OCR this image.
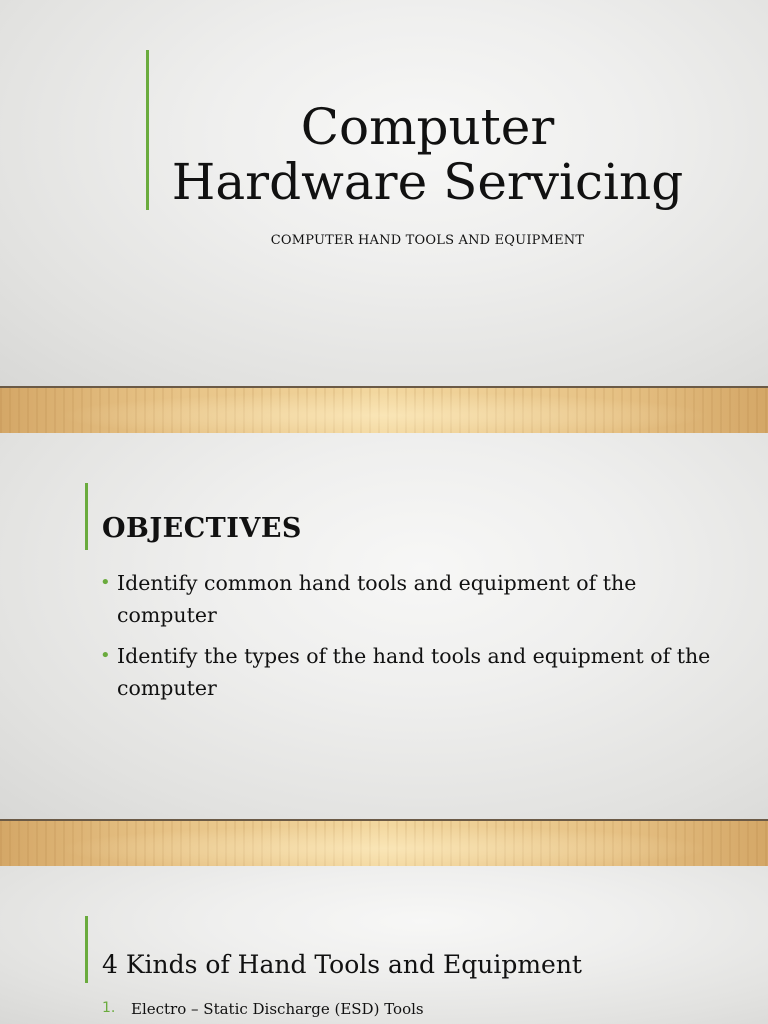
Computer
Hardware Servicing
COMPUTER HAND TOOLS AND EQUIPMENT
OBJECTIVES
• Identify common hand tools and equipment of the computer
• Identify the types of the hand tools and equipment of the computer
4 Kinds of Hand Tools and Equipment
1. Electro – Static Discharge (ESD) Tools
